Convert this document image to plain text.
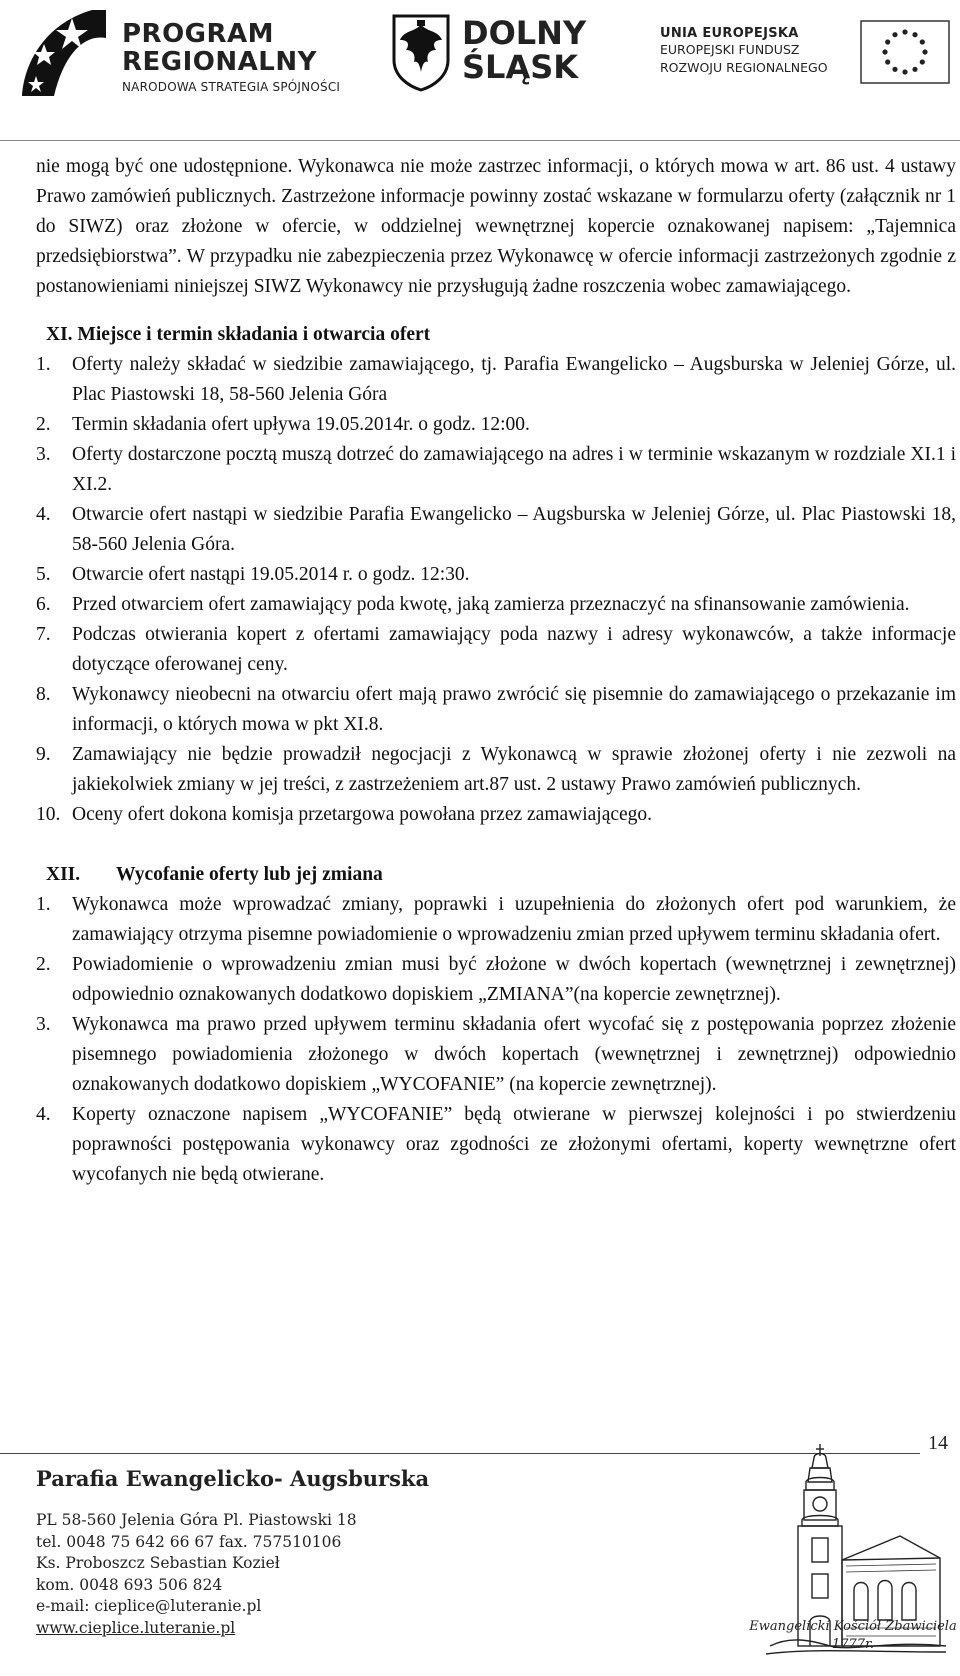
PROGRAM
REGIONALNY
NARODOWA STRATEGIA SPÓJNOŚCI
DOLNY
ŚLĄSK
UNIA EUROPEJSKA
EUROPEJSKI FUNDUSZ
ROZWOJU REGIONALNEGO

nie mogą być one udostępnione. Wykonawca nie może zastrzec informacji, o których mowa w art. 86 ust. 4 ustawy Prawo zamówień publicznych. Zastrzeżone informacje powinny zostać wskazane w formularzu oferty (załącznik nr 1 do SIWZ) oraz złożone w ofercie, w oddzielnej wewnętrznej kopercie oznakowanej napisem: „Tajemnica przedsiębiorstwa”. W przypadku nie zabezpieczenia przez Wykonawcę w ofercie informacji zastrzeżonych zgodnie z postanowieniami niniejszej SIWZ Wykonawcy nie przysługują żadne roszczenia wobec zamawiającego.

XI. Miejsce i termin składania i otwarcia ofert

1. Oferty należy składać w siedzibie zamawiającego, tj. Parafia Ewangelicko – Augsburska w Jeleniej Górze, ul. Plac Piastowski 18, 58-560 Jelenia Góra
2. Termin składania ofert upływa 19.05.2014r. o godz. 12:00.
3. Oferty dostarczone pocztą muszą dotrzeć do zamawiającego na adres i w terminie wskazanym w rozdziale XI.1 i XI.2.
4. Otwarcie ofert nastąpi w siedzibie Parafia Ewangelicko – Augsburska w Jeleniej Górze, ul. Plac Piastowski 18, 58-560 Jelenia Góra.
5. Otwarcie ofert nastąpi 19.05.2014 r. o godz. 12:30.
6. Przed otwarciem ofert zamawiający poda kwotę, jaką zamierza przeznaczyć na sfinansowanie zamówienia.
7. Podczas otwierania kopert z ofertami zamawiający poda nazwy i adresy wykonawców, a także informacje dotyczące oferowanej ceny.
8. Wykonawcy nieobecni na otwarciu ofert mają prawo zwrócić się pisemnie do zamawiającego o przekazanie im informacji, o których mowa w pkt XI.8.
9. Zamawiający nie będzie prowadził negocjacji z Wykonawcą w sprawie złożonej oferty i nie zezwoli na jakiekolwiek zmiany w jej treści, z zastrzeżeniem art.87 ust. 2 ustawy Prawo zamówień publicznych.
10. Oceny ofert dokona komisja przetargowa powołana przez zamawiającego.

XII. Wycofanie oferty lub jej zmiana

1. Wykonawca może wprowadzać zmiany, poprawki i uzupełnienia do złożonych ofert pod warunkiem, że zamawiający otrzyma pisemne powiadomienie o wprowadzeniu zmian przed upływem terminu składania ofert.
2. Powiadomienie o wprowadzeniu zmian musi być złożone w dwóch kopertach (wewnętrznej i zewnętrznej) odpowiednio oznakowanych dodatkowo dopiskiem „ZMIANA”(na kopercie zewnętrznej).
3. Wykonawca ma prawo przed upływem terminu składania ofert wycofać się z postępowania poprzez złożenie pisemnego powiadomienia złożonego w dwóch kopertach (wewnętrznej i zewnętrznej) odpowiednio oznakowanych dodatkowo dopiskiem „WYCOFANIE” (na kopercie zewnętrznej).
4. Koperty oznaczone napisem „WYCOFANIE” będą otwierane w pierwszej kolejności i po stwierdzeniu poprawności postępowania wykonawcy oraz zgodności ze złożonymi ofertami, koperty wewnętrzne ofert wycofanych nie będą otwierane.
14
Parafia Ewangelicko- Augsburska
PL 58-560 Jelenia Góra Pl. Piastowski 18
tel. 0048 75 642 66 67 fax. 757510106
Ks. Proboszcz Sebastian Kozieł
kom. 0048 693 506 824
e-mail: cieplice@luteranie.pl
www.cieplice.luteranie.pl	Ewangelicki Kościół Zbawiciela
1777r.
